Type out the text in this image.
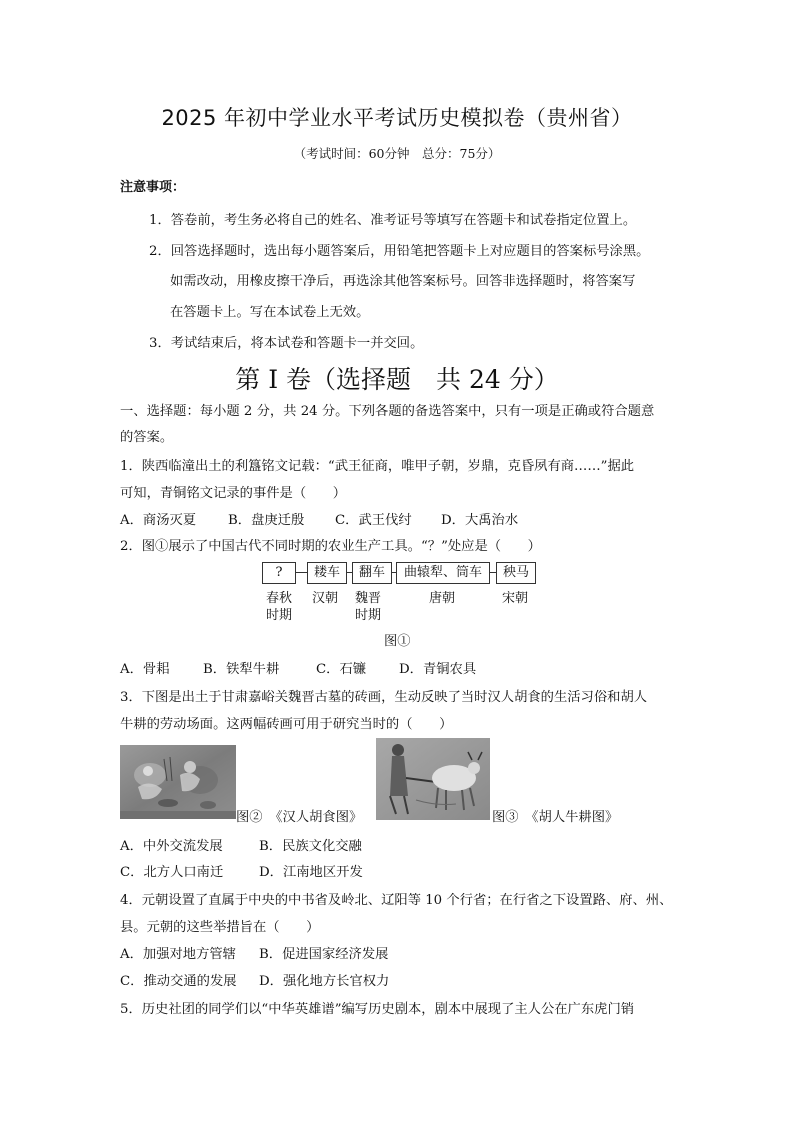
2025 年初中学业水平考试历史模拟卷（贵州省）
（考试时间：60分钟　总分：75分）
注意事项：
1．答卷前，考生务必将自己的姓名、准考证号等填写在答题卡和试卷指定位置上。
2．回答选择题时，选出每小题答案后，用铅笔把答题卡上对应题目的答案标号涂黑。
如需改动，用橡皮擦干净后，再选涂其他答案标号。回答非选择题时，将答案写
在答题卡上。写在本试卷上无效。
3．考试结束后，将本试卷和答题卡一并交回。
第 I 卷（选择题　共 24 分）
一、选择题：每小题 2 分，共 24 分。下列各题的备选答案中，只有一项是正确或符合题意
的答案。
1．陕西临潼出土的利簋铭文记载：“武王征商，唯甲子朝，岁鼎，克昏夙有商……”据此
可知，青铜铭文记录的事件是（　　）
A．商汤灭夏 B．盘庚迁殷 C．武王伐纣 D．大禹治水
2．图①展示了中国古代不同时期的农业生产工具。“？”处应是（　　）
?	耧车	翻车	曲辕犁、筒车	秧马
春秋
时期
汉朝	魏晋
时期
唐朝	宋朝
图①
A．骨耜	B．铁犁牛耕	C．石镰 D．青铜农具
3．下图是出土于甘肃嘉峪关魏晋古墓的砖画，生动反映了当时汉人胡食的生活习俗和胡人
牛耕的劳动场面。这两幅砖画可用于研究当时的（　　）
图②　《汉人胡食图》	图③　《胡人牛耕图》
A．中外交流发展	B．民族文化交融
C．北方人口南迁	D．江南地区开发
4．元朝设置了直属于中央的中书省及岭北、辽阳等 10 个行省；在行省之下设置路、府、州、
县。元朝的这些举措旨在（　　）
A．加强对地方管辖 B．促进国家经济发展
C．推动交通的发展 D．强化地方长官权力
5．历史社团的同学们以“中华英雄谱”编写历史剧本，剧本中展现了主人公在广东虎门销
